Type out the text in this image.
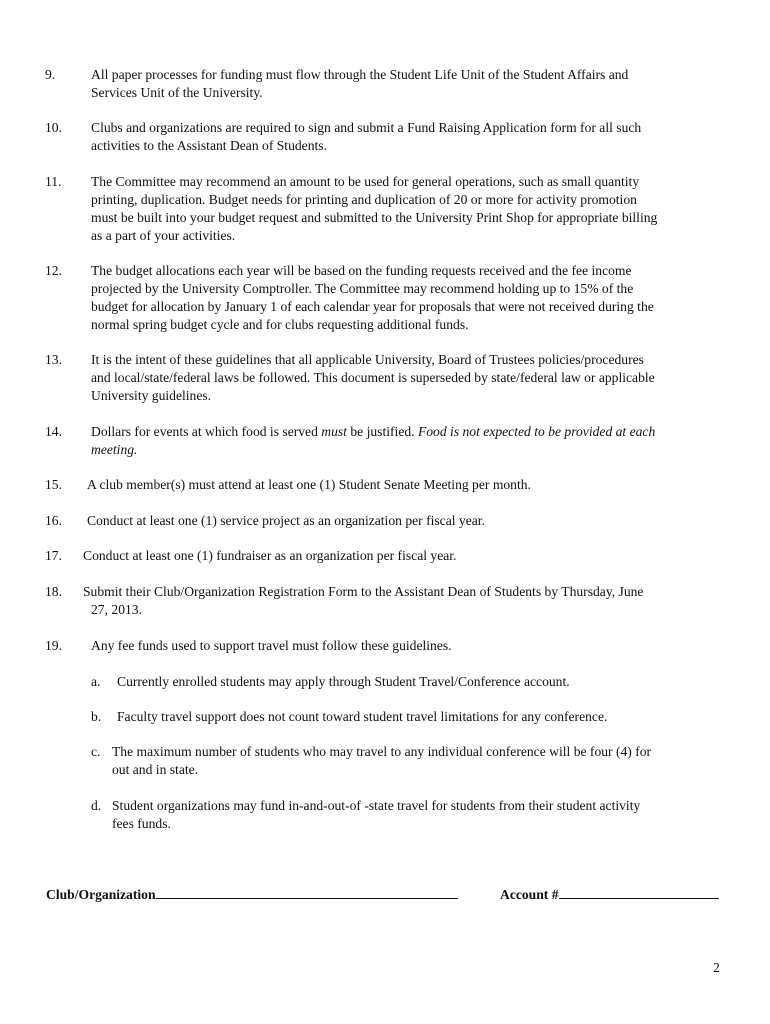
9.	All paper processes for funding must flow through the Student Life Unit of the Student Affairs and
Services Unit of the University.
10. Clubs and organizations are required to sign and submit a Fund Raising Application form for all such
activities to the Assistant Dean of Students.
11. The Committee may recommend an amount to be used for general operations, such as small quantity
printing, duplication. Budget needs for printing and duplication of 20 or more for activity promotion
must be built into your budget request and submitted to the University Print Shop for appropriate billing
as a part of your activities.
12. The budget allocations each year will be based on the funding requests received and the fee income
projected by the University Comptroller. The Committee may recommend holding up to 15% of the
budget for allocation by January 1 of each calendar year for proposals that were not received during the
normal spring budget cycle and for clubs requesting additional funds.
13. It is the intent of these guidelines that all applicable University, Board of Trustees policies/procedures
and local/state/federal laws be followed. This document is superseded by state/federal law or applicable
University guidelines.
14. Dollars for events at which food is served must be justified. Food is not expected to be provided at each
meeting.
15. A club member(s) must attend at least one (1) Student Senate Meeting per month.
16. Conduct at least one (1) service project as an organization per fiscal year.
17. Conduct at least one (1) fundraiser as an organization per fiscal year.
18. Submit their Club/Organization Registration Form to the Assistant Dean of Students by Thursday, June
27, 2013.
19. Any fee funds used to support travel must follow these guidelines.
a. Currently enrolled students may apply through Student Travel/Conference account.
b. Faculty travel support does not count toward student travel limitations for any conference.
c. The maximum number of students who may travel to any individual conference will be four (4) for
out and in state.
d. Student organizations may fund in-and-out-of -state travel for students from their student activity
fees funds.
Club/Organization	Account #
2
